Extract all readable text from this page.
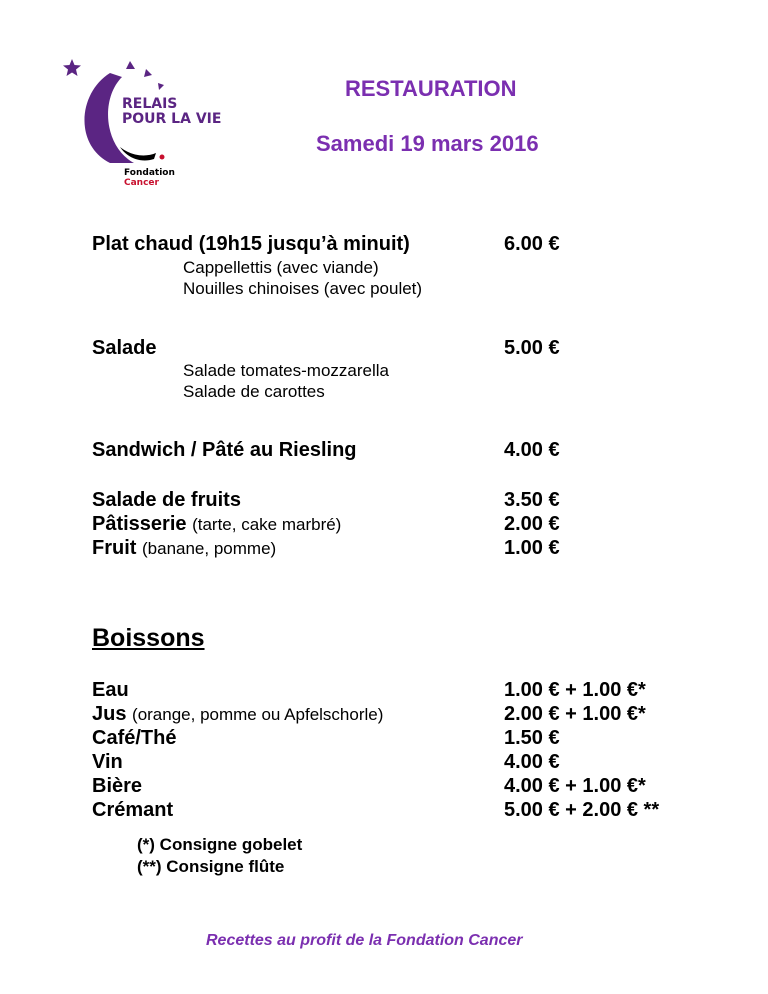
RELAIS
POUR LA VIE
Fondation
Cancer
RESTAURATION
Samedi 19 mars 2016
Plat chaud (19h15 jusqu’à minuit)	6.00 €
Cappellettis (avec viande)
Nouilles chinoises (avec poulet)
Salade	5.00 €
Salade tomates-mozzarella
Salade de carottes
Sandwich / Pâté au Riesling	4.00 €
Salade de fruits	3.50 €
Pâtisserie (tarte, cake marbré)	2.00 €
Fruit (banane, pomme)	1.00 €
Boissons
Eau	1.00 € + 1.00 €*
Jus (orange, pomme ou Apfelschorle)	2.00 € + 1.00 €*
Café/Thé	1.50 €
Vin	4.00 €
Bière	4.00 € + 1.00 €*
Crémant	5.00 € + 2.00 € **
(*) Consigne gobelet
(**) Consigne flûte
Recettes au profit de la Fondation Cancer
